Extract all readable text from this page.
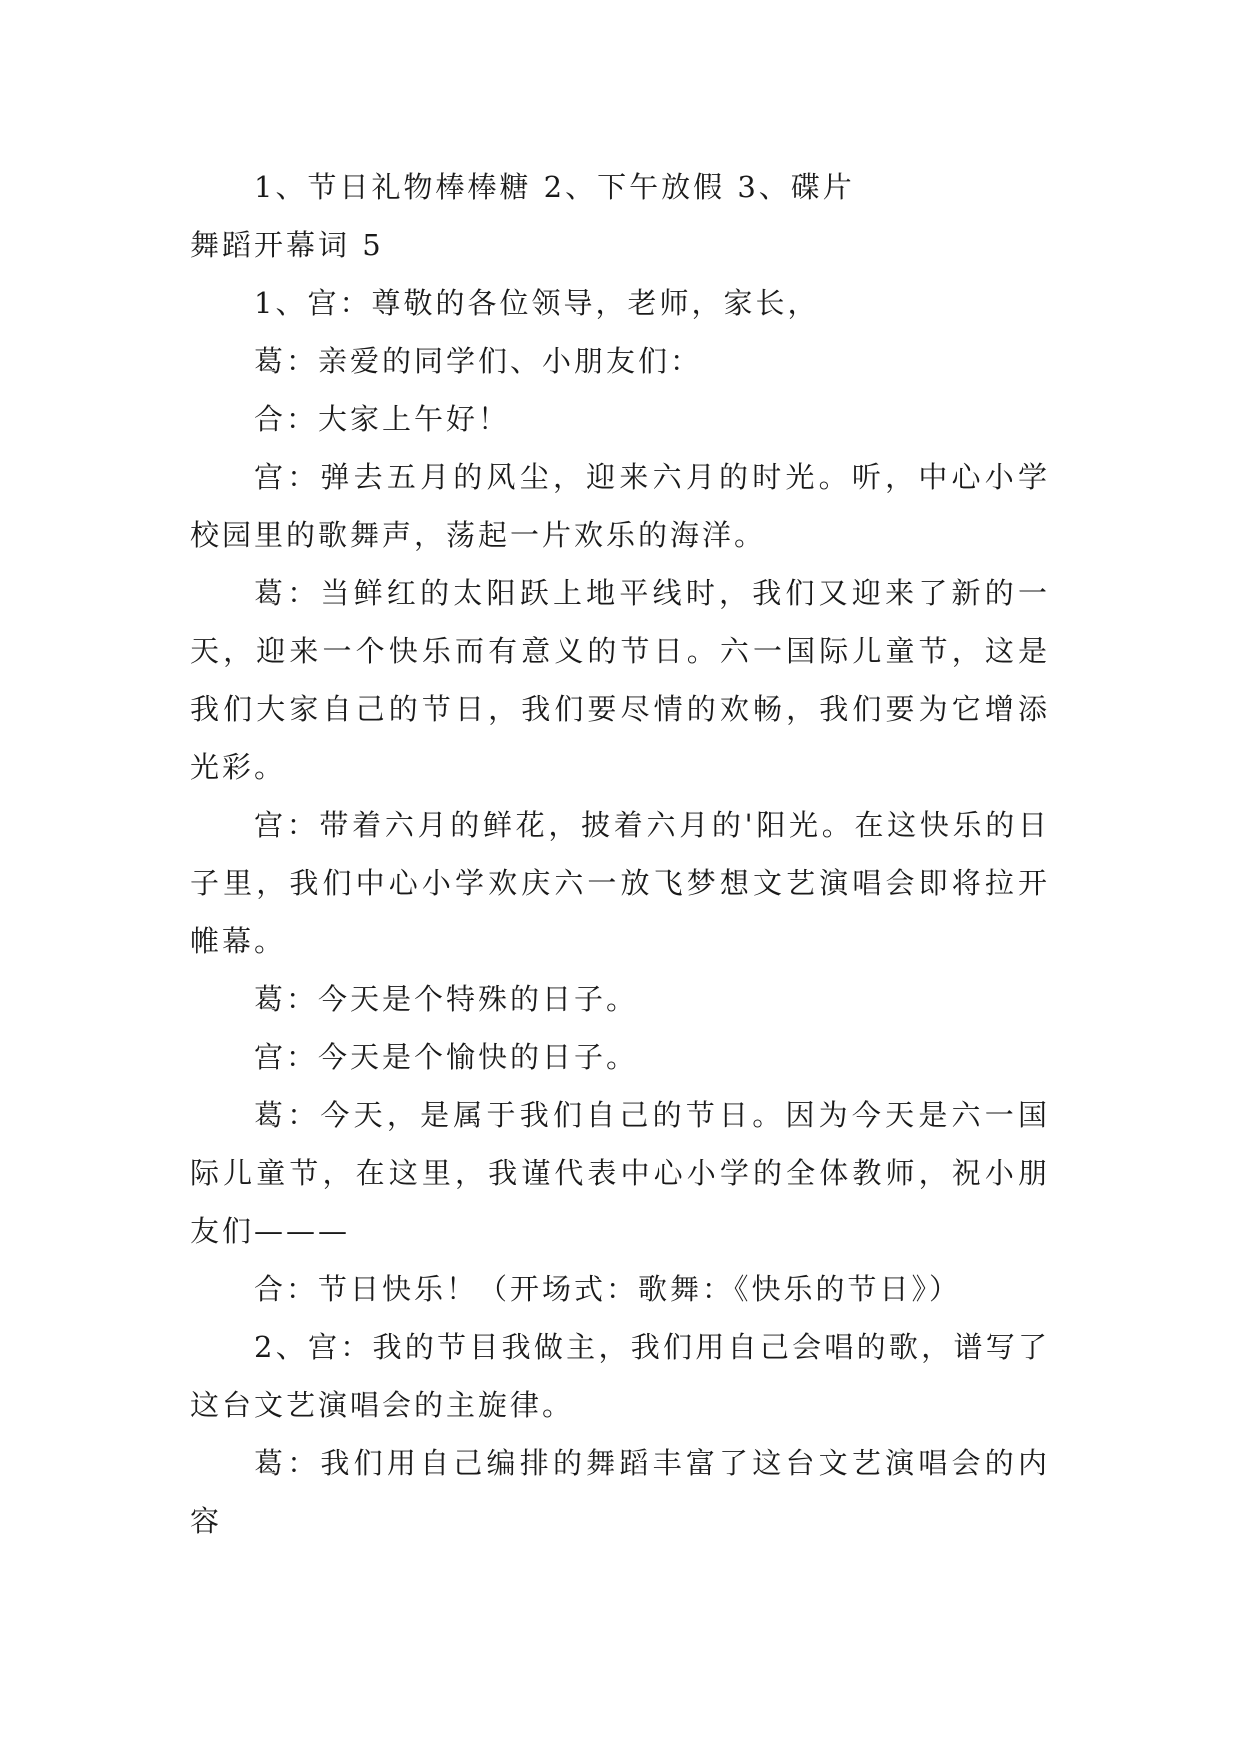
1、节日礼物棒棒糖 2、下午放假 3、碟片

舞蹈开幕词 5

1、宫：尊敬的各位领导，老师，家长，

葛：亲爱的同学们、小朋友们：

合：大家上午好！

宫：弹去五月的风尘，迎来六月的时光。听，中心小学校园里的歌舞声，荡起一片欢乐的海洋。

葛：当鲜红的太阳跃上地平线时，我们又迎来了新的一天，迎来一个快乐而有意义的节日。六一国际儿童节，这是我们大家自己的节日，我们要尽情的欢畅，我们要为它增添光彩。

宫：带着六月的鲜花，披着六月的'阳光。在这快乐的日子里，我们中心小学欢庆六一放飞梦想文艺演唱会即将拉开帷幕。

葛：今天是个特殊的日子。

宫：今天是个愉快的日子。

葛：今天，是属于我们自己的节日。因为今天是六一国际儿童节，在这里，我谨代表中心小学的全体教师，祝小朋友们———

合：节日快乐！（开场式：歌舞：《快乐的节日》）

2、宫：我的节目我做主，我们用自己会唱的歌，谱写了这台文艺演唱会的主旋律。

葛：我们用自己编排的舞蹈丰富了这台文艺演唱会的内容
